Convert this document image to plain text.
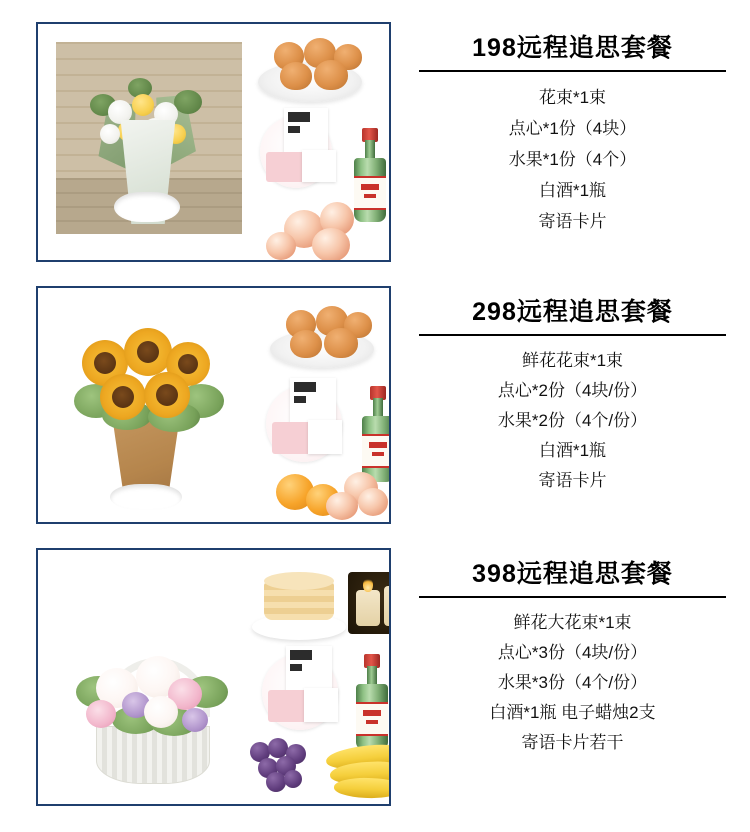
198远程追思套餐
花束*1束
点心*1份（4块）
水果*1份（4个）
白酒*1瓶
寄语卡片
298远程追思套餐
鲜花花束*1束
点心*2份（4块/份）
水果*2份（4个/份）
白酒*1瓶
寄语卡片
398远程追思套餐
鲜花大花束*1束
点心*3份（4块/份）
水果*3份（4个/份）
白酒*1瓶 电子蜡烛2支
寄语卡片若干
